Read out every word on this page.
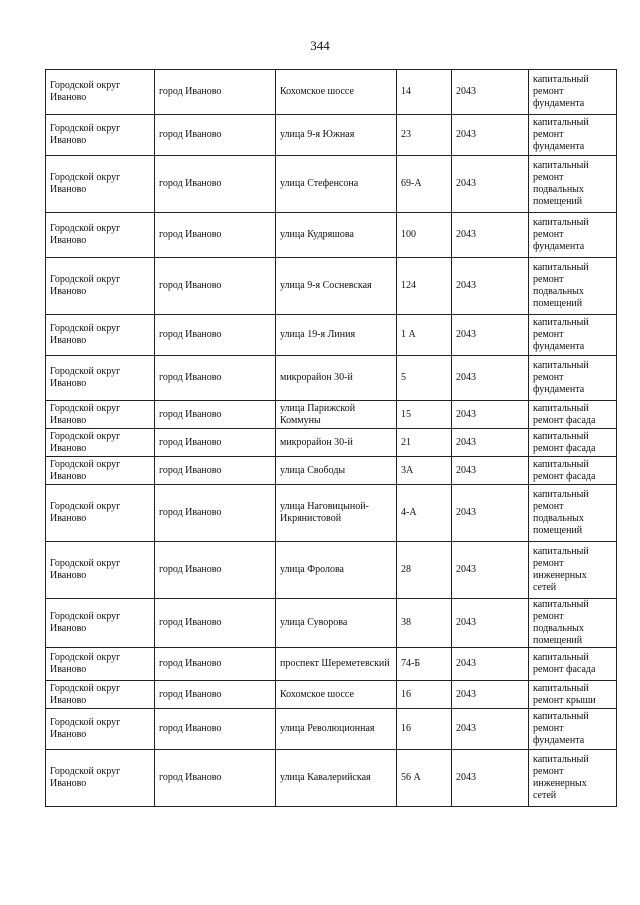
344
Городской округ Иваново	город Иваново	Кохомское шоссе	14	2043	капитальный ремонт фундамента
Городской округ Иваново	город Иваново	улица 9-я Южная	23	2043	капитальный ремонт фундамента
Городской округ Иваново	город Иваново	улица Стефенсона	69-А	2043	капитальный ремонт подвальных помещений
Городской округ Иваново	город Иваново	улица Кудряшова	100	2043	капитальный ремонт фундамента
Городской округ Иваново	город Иваново	улица 9-я Сосневская	124	2043	капитальный ремонт подвальных помещений
Городской округ Иваново	город Иваново	улица 19-я Линия	1 А	2043	капитальный ремонт фундамента
Городской округ Иваново	город Иваново	микрорайон 30-й	5	2043	капитальный ремонт фундамента
Городской округ Иваново	город Иваново	улица Парижской Коммуны	15	2043	капитальный ремонт фасада
Городской округ Иваново	город Иваново	микрорайон 30-й	21	2043	капитальный ремонт фасада
Городской округ Иваново	город Иваново	улица Свободы	3А	2043	капитальный ремонт фасада
Городской округ Иваново	город Иваново	улица Наговицыной-Икрянистовой	4-А	2043	капитальный ремонт подвальных помещений
Городской округ Иваново	город Иваново	улица Фролова	28	2043	капитальный ремонт инженерных сетей
Городской округ Иваново	город Иваново	улица Суворова	38	2043	капитальный ремонт подвальных помещений
Городской округ Иваново	город Иваново	проспект Шереметевский	74-Б	2043	капитальный ремонт фасада
Городской округ Иваново	город Иваново	Кохомское шоссе	16	2043	капитальный ремонт крыши
Городской округ Иваново	город Иваново	улица Революционная	16	2043	капитальный ремонт фундамента
Городской округ Иваново	город Иваново	улица Кавалерийская	56 А	2043	капитальный ремонт инженерных сетей
